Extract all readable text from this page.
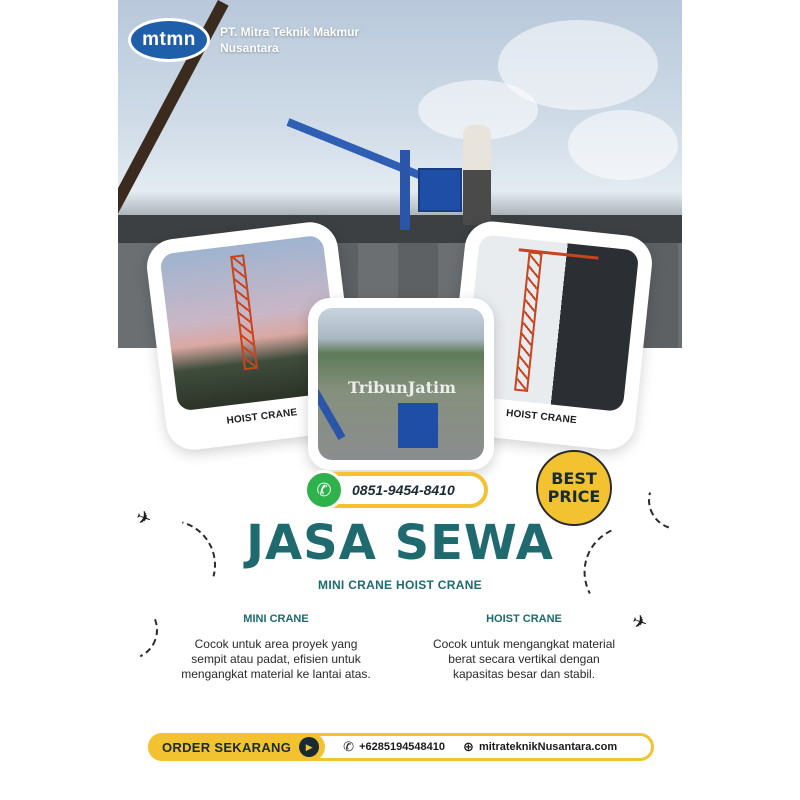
mtmn PT. Mitra Teknik Makmur Nusantara
HOIST CRANE	HOIST CRANE
TribunJatim
✆	0851-9454-8410
BEST
PRICE
✈
✈
JASA SEWA
MINI CRANE HOIST CRANE
MINI CRANE

Cocok untuk area proyek yang sempit atau padat, efisien untuk mengangkat material ke lantai atas.

HOIST CRANE

Cocok untuk mengangkat material berat secara vertikal dengan kapasitas besar dan stabil.

ORDER SEKARANG	▶	✆ +6285194548410 ⊕ mitrateknikNusantara.com
